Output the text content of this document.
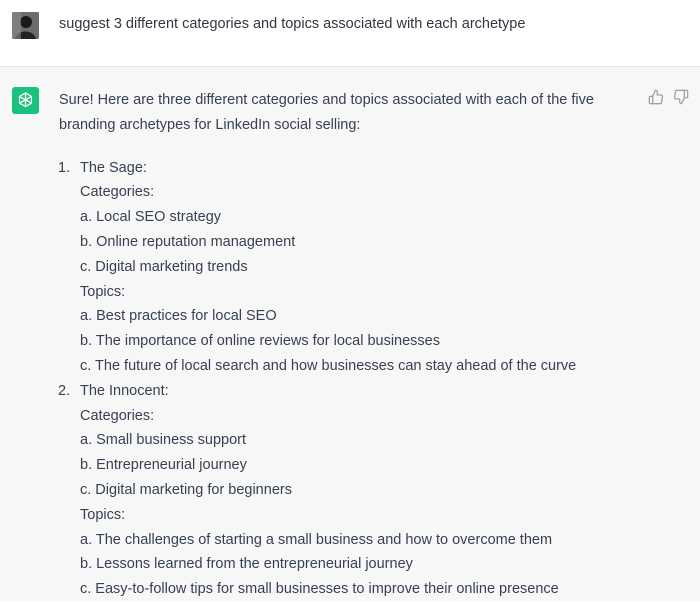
suggest 3 different categories and topics associated with each archetype

Sure! Here are three different categories and topics associated with each of the five branding archetypes for LinkedIn social selling:

1. The Sage:
Categories:
a. Local SEO strategy
b. Online reputation management
c. Digital marketing trends
Topics:
a. Best practices for local SEO
b. The importance of online reviews for local businesses
c. The future of local search and how businesses can stay ahead of the curve
2. The Innocent:
Categories:
a. Small business support
b. Entrepreneurial journey
c. Digital marketing for beginners
Topics:
a. The challenges of starting a small business and how to overcome them
b. Lessons learned from the entrepreneurial journey
c. Easy-to-follow tips for small businesses to improve their online presence
